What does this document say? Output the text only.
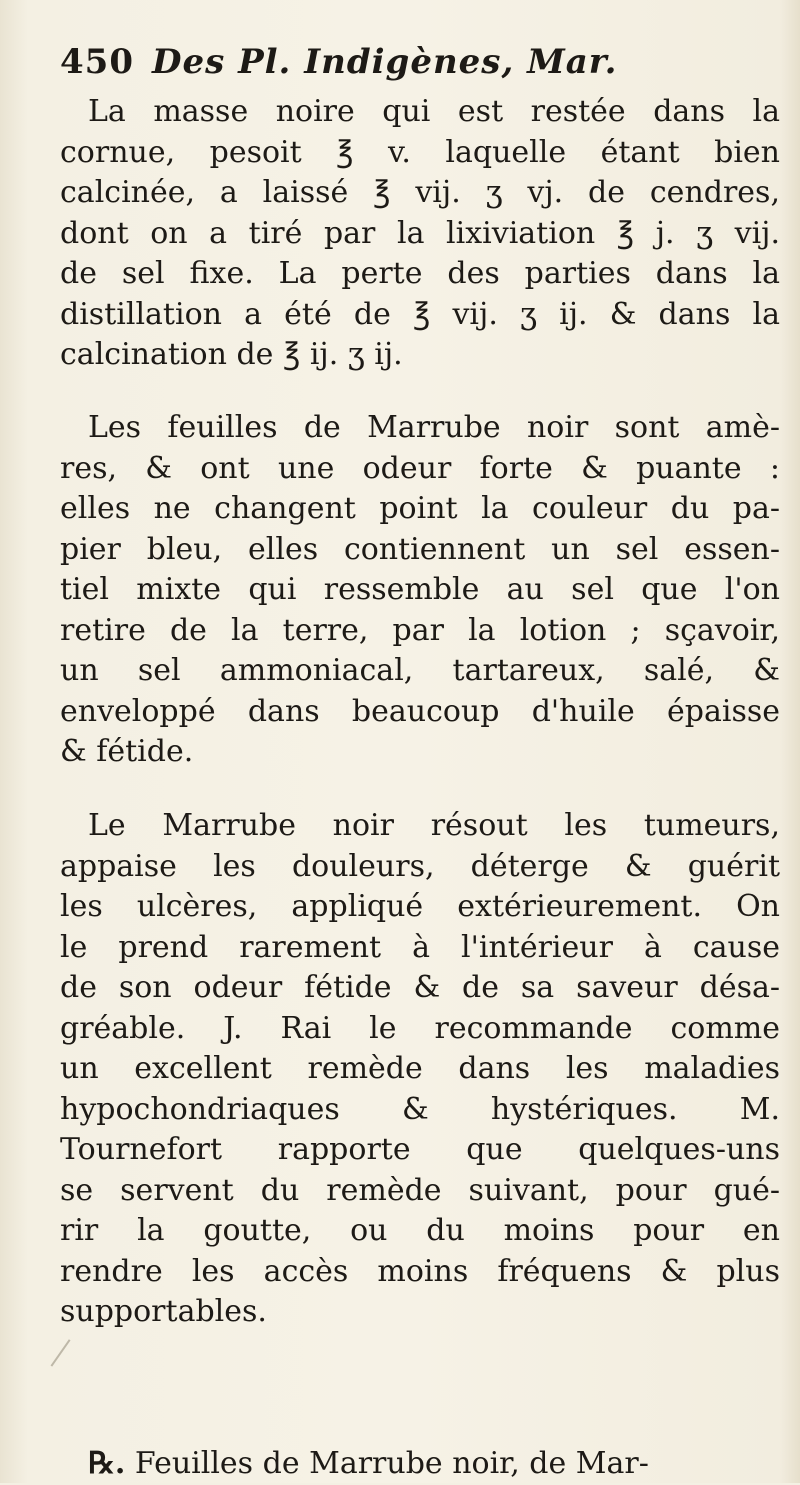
450 Des Pl. Indigènes, Mar.
La masse noire qui est restée dans la
cornue, pesoit ℥ v. laquelle étant bien
calcinée, a laissé ℥ vij. ʒ vj. de cendres,
dont on a tiré par la lixiviation ℥ j. ʒ vij.
de sel fixe. La perte des parties dans la
distillation a été de ℥ vij. ʒ ij. & dans la
calcination de ℥ ij. ʒ ij.
Les feuilles de Marrube noir sont amè-
res, & ont une odeur forte & puante :
elles ne changent point la couleur du pa-
pier bleu, elles contiennent un sel essen-
tiel mixte qui ressemble au sel que l'on
retire de la terre, par la lotion ; sçavoir,
un sel ammoniacal, tartareux, salé, &
enveloppé dans beaucoup d'huile épaisse
& fétide.
Le Marrube noir résout les tumeurs,
appaise les douleurs, déterge & guérit
les ulcères, appliqué extérieurement. On
le prend rarement à l'intérieur à cause
de son odeur fétide & de sa saveur désa-
gréable. J. Rai le recommande comme
un excellent remède dans les maladies
hypochondriaques & hystériques. M.
Tournefort rapporte que quelques-uns
se servent du remède suivant, pour gué-
rir la goutte, ou du moins pour en
rendre les accès moins fréquens & plus
supportables.
℞. Feuilles de Marrube noir, de Mar-
